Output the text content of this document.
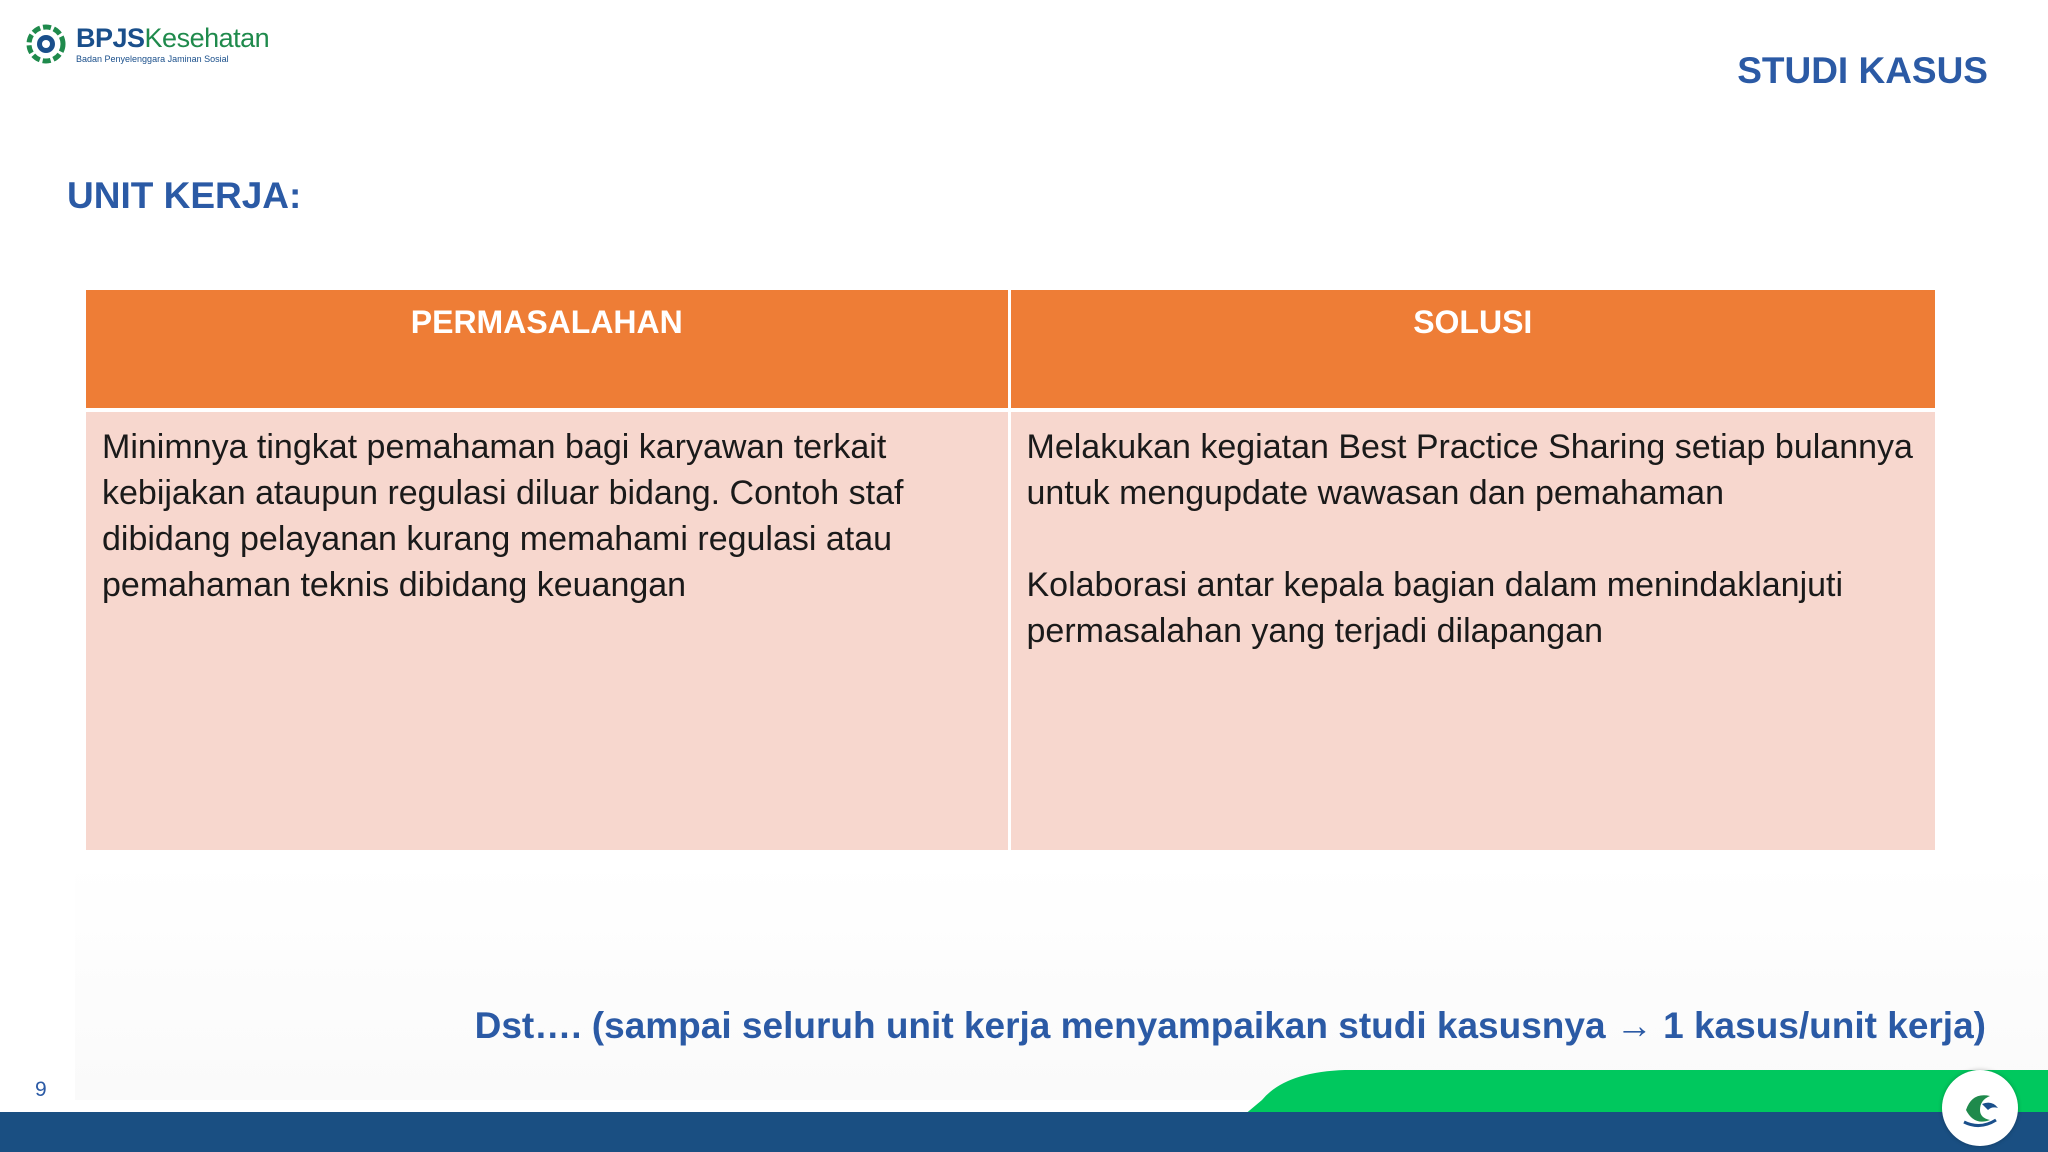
BPJSKesehatan
Badan Penyelenggara Jaminan Sosial	STUDI KASUS
UNIT KERJA:
PERMASALAHAN	SOLUSI

Minimnya tingkat pemahaman bagi karyawan terkait kebijakan ataupun regulasi diluar bidang. Contoh staf dibidang pelayanan kurang memahami regulasi atau pemahaman teknis dibidang keuangan	Melakukan kegiatan Best Practice Sharing setiap bulannya untuk mengupdate wawasan dan pemahaman

Kolaborasi antar kepala bagian dalam menindaklanjuti permasalahan yang terjadi dilapangan

Dst…. (sampai seluruh unit kerja menyampaikan studi kasusnya → 1 kasus/unit kerja)
9
